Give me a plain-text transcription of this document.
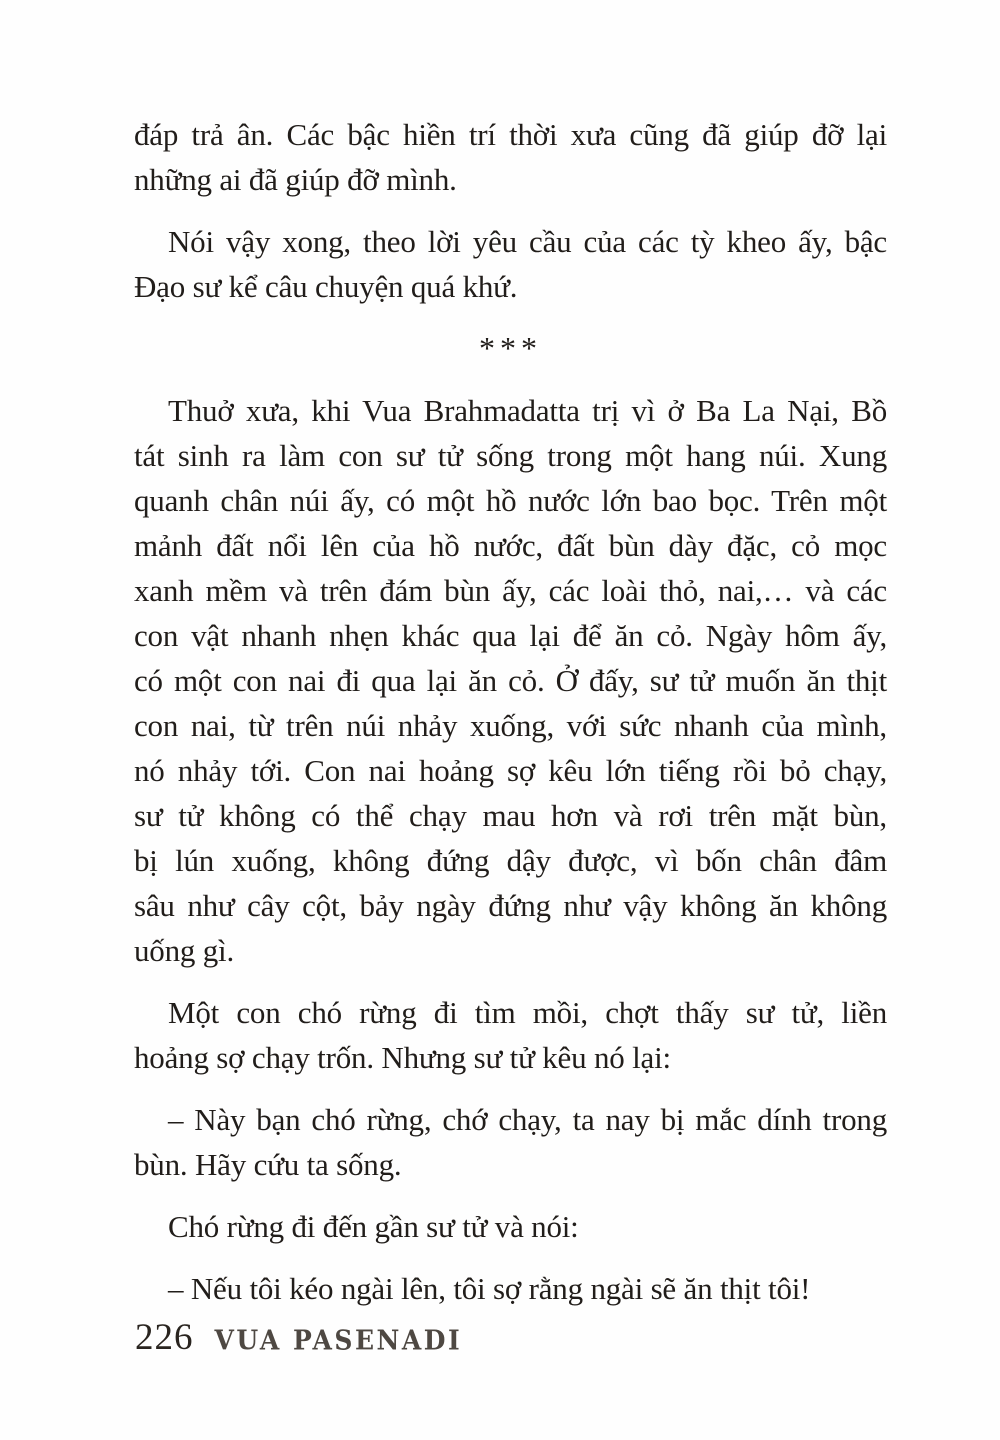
đáp trả ân. Các bậc hiền trí thời xưa cũng đã giúp đỡ lại
những ai đã giúp đỡ mình.

Nói vậy xong, theo lời yêu cầu của các tỳ kheo ấy, bậc
Đạo sư kể câu chuyện quá khứ.

***

Thuở xưa, khi Vua Brahmadatta trị vì ở Ba La Nại, Bồ
tát sinh ra làm con sư tử sống trong một hang núi. Xung
quanh chân núi ấy, có một hồ nước lớn bao bọc. Trên một
mảnh đất nổi lên của hồ nước, đất bùn dày đặc, cỏ mọc
xanh mềm và trên đám bùn ấy, các loài thỏ, nai,… và các
con vật nhanh nhẹn khác qua lại để ăn cỏ. Ngày hôm ấy,
có một con nai đi qua lại ăn cỏ. Ở đấy, sư tử muốn ăn thịt
con nai, từ trên núi nhảy xuống, với sức nhanh của mình,
nó nhảy tới. Con nai hoảng sợ kêu lớn tiếng rồi bỏ chạy,
sư tử không có thể chạy mau hơn và rơi trên mặt bùn,
bị lún xuống, không đứng dậy được, vì bốn chân đâm
sâu như cây cột, bảy ngày đứng như vậy không ăn không
uống gì.

Một con chó rừng đi tìm mồi, chợt thấy sư tử, liền
hoảng sợ chạy trốn. Nhưng sư tử kêu nó lại:

– Này bạn chó rừng, chớ chạy, ta nay bị mắc dính trong
bùn. Hãy cứu ta sống.

Chó rừng đi đến gần sư tử và nói:

– Nếu tôi kéo ngài lên, tôi sợ rằng ngài sẽ ăn thịt tôi!

226 VUA PASENADI
